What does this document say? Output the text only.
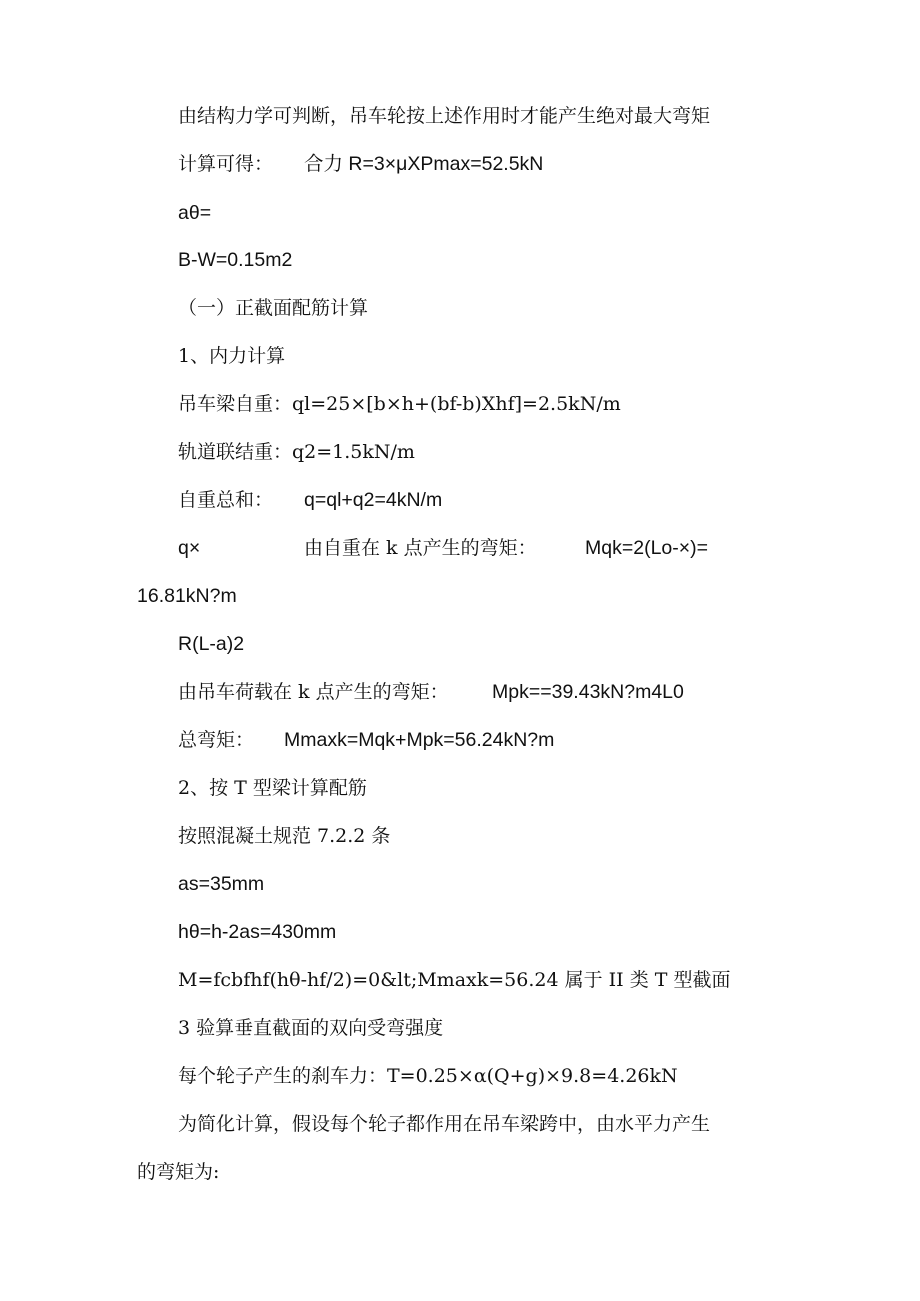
由结构力学可判断，吊车轮按上述作用时才能产生绝对最大弯矩
计算可得： 合力 R=3×μXPmax=52.5kN
aθ=
B-W=0.15m2
（一）正截面配筋计算
1、内力计算
吊车梁自重：ql=25×[b×h+(bf-b)Xhf]=2.5kN/m
轨道联结重：q2=1.5kN/m
自重总和： q=ql+q2=4kN/m
q×	由自重在 k 点产生的弯矩： Mqk=2(Lo-×)=
16.81kN?m
R(L-a)2
由吊车荷载在 k 点产生的弯矩： Mpk==39.43kN?m4L0
总弯矩： Mmaxk=Mqk+Mpk=56.24kN?m
2、按 T 型梁计算配筋
按照混凝土规范 7.2.2 条
as=35mm
hθ=h-2as=430mm
M=fcbfhf(hθ-hf∕2)=0&lt;Mmaxk=56.24 属于 II 类 T 型截面
3 验算垂直截面的双向受弯强度
每个轮子产生的刹车力：T=0.25×α(Q+g)×9.8=4.26kN
为简化计算，假设每个轮子都作用在吊车梁跨中，由水平力产生
的弯矩为:
